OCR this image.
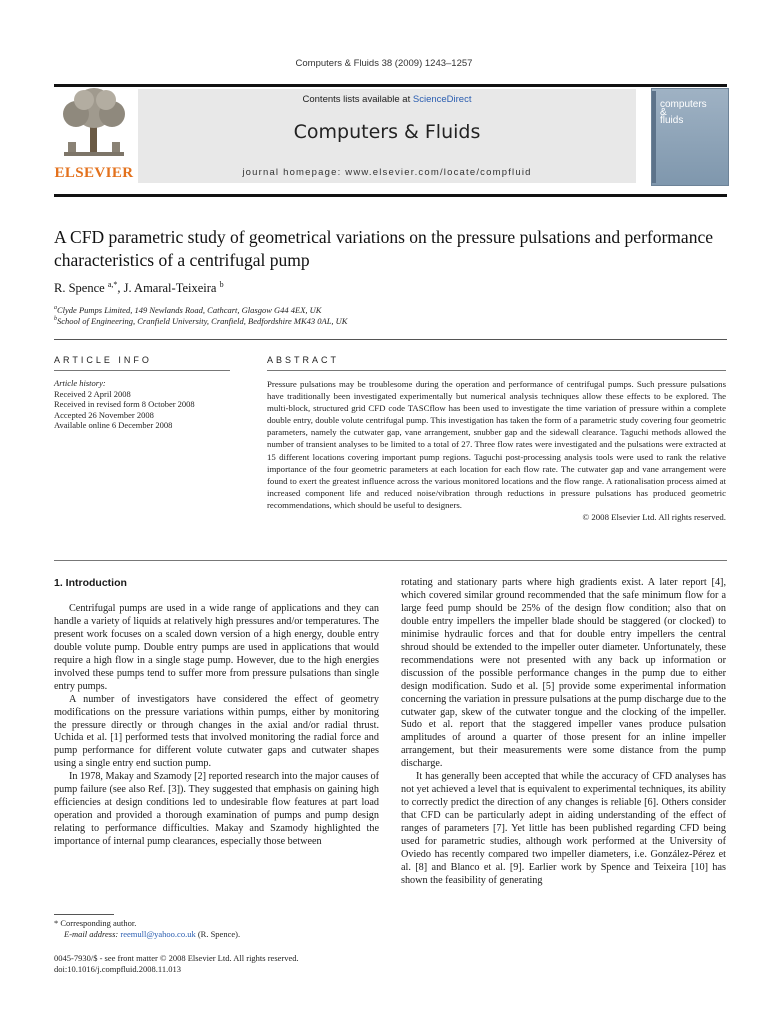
Computers & Fluids 38 (2009) 1243–1257
ELSEVIER
Contents lists available at ScienceDirect
Computers & Fluids
journal homepage: www.elsevier.com/locate/compfluid
computers
&
fluids
A CFD parametric study of geometrical variations on the pressure pulsations and performance characteristics of a centrifugal pump
R. Spence $^{a,*}$, J. Amaral-Teixeira $^b$
$^a$Clyde Pumps Limited, 149 Newlands Road, Cathcart, Glasgow G44 4EX, UK
$^b$School of Engineering, Cranfield University, Cranfield, Bedfordshire MK43 0AL, UK
ARTICLE INFO	ABSTRACT
Article history:
Received 2 April 2008
Received in revised form 8 October 2008
Accepted 26 November 2008
Available online 6 December 2008
Pressure pulsations may be troublesome during the operation and performance of centrifugal pumps. Such pressure pulsations have traditionally been investigated experimentally but numerical analysis techniques allow these effects to be explored. The multi-block, structured grid CFD code TASCflow has been used to investigate the time variation of pressure within a complete double entry, double volute centrifugal pump. This investigation has taken the form of a parametric study covering four geometric parameters, namely the cutwater gap, vane arrangement, snubber gap and the sidewall clearance. Taguchi methods allowed the number of transient analyses to be limited to a total of 27. Three flow rates were investigated and the pulsations were extracted at 15 different locations covering important pump regions. Taguchi post-processing analysis tools were used to rank the relative importance of the four geometric parameters at each location for each flow rate. The cutwater gap and vane arrangement were found to exert the greatest influence across the various monitored locations and the flow range. A rationalisation process aimed at increased component life and reduced noise/vibration through reductions in pressure pulsations has produced geometric recommendations, which should be useful to designers.
© 2008 Elsevier Ltd. All rights reserved.
1. Introduction

Centrifugal pumps are used in a wide range of applications and they can handle a variety of liquids at relatively high pressures and/or temperatures. The present work focuses on a scaled down version of a high energy, double entry double volute pump. Double entry pumps are used in applications that would require a high flow in a single stage pump. However, due to the high energies involved these pumps tend to suffer more from pressure pulsations than single entry pumps.

A number of investigators have considered the effect of geometry modifications on the pressure variations within pumps, either by monitoring the pressure directly or through changes in the axial and/or radial thrust. Uchida et al. [1] performed tests that involved monitoring the radial force and pump performance for different volute cutwater gaps and cutwater shapes using a single entry end suction pump.

In 1978, Makay and Szamody [2] reported research into the major causes of pump failure (see also Ref. [3]). They suggested that emphasis on gaining high efficiencies at design conditions led to undesirable flow features at part load operation and provided a thorough examination of pumps and pump design relating to performance difficulties. Makay and Szamody highlighted the importance of internal pump clearances, especially those between

rotating and stationary parts where high gradients exist. A later report [4], which covered similar ground recommended that the safe minimum flow for a large feed pump should be 25% of the design flow condition; also that on double entry impellers the impeller blade should be staggered (or clocked) to minimise hydraulic forces and that for double entry impellers the central shroud should be extended to the impeller outer diameter. Unfortunately, these recommendations were not presented with any back up information or discussion of the possible performance changes in the pump due to either design modification. Sudo et al. [5] provide some experimental information concerning the variation in pressure pulsations at the pump discharge due to the cutwater gap, skew of the cutwater tongue and the clocking of the impeller. Sudo et al. report that the staggered impeller vanes produce pulsation amplitudes of around a quarter of those present for an inline impeller arrangement, but their measurements were some distance from the pump discharge.

It has generally been accepted that while the accuracy of CFD analyses has not yet achieved a level that is equivalent to experimental techniques, its ability to correctly predict the direction of any changes is reliable [6]. Others consider that CFD can be particularly adept in aiding understanding of the effect of ranges of parameters [7]. Yet little has been published regarding CFD being used for parametric studies, although work performed at the University of Oviedo has recently compared two impeller diameters, i.e. González-Pérez et al. [8] and Blanco et al. [9]. Earlier work by Spence and Teixeira [10] has shown the feasibility of generating

* Corresponding author.
E-mail address: reemull@yahoo.co.uk (R. Spence).
0045-7930/$ - see front matter © 2008 Elsevier Ltd. All rights reserved.
doi:10.1016/j.compfluid.2008.11.013
